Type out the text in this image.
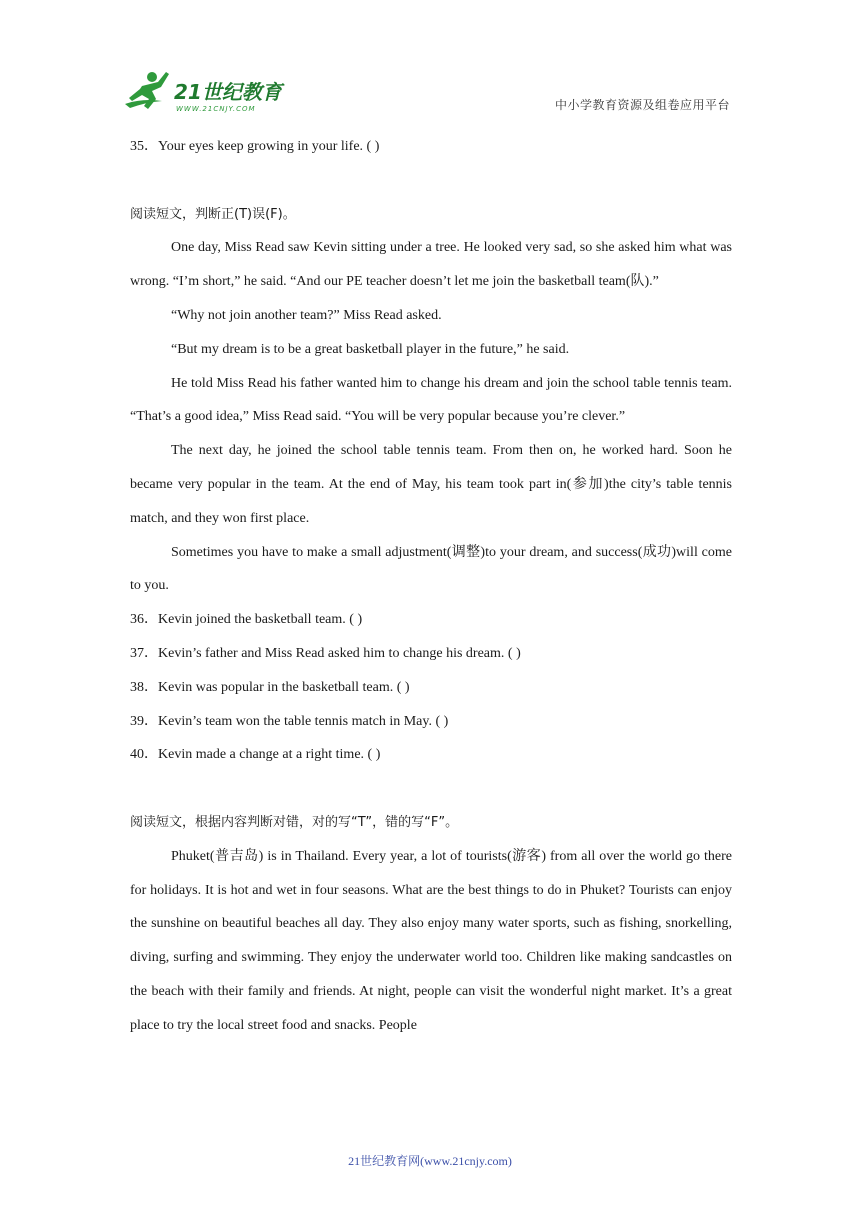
21世纪教育
WWW.21CNJY.COM	中小学教育资源及组卷应用平台
35．Your eyes keep growing in your life. ( )
阅读短文，判断正(T)误(F)。
One day, Miss Read saw Kevin sitting under a tree. He looked very sad, so she asked him what was wrong. “I’m short,” he said. “And our PE teacher doesn’t let me join the basketball team(队).”
“Why not join another team?” Miss Read asked.
“But my dream is to be a great basketball player in the future,” he said.
He told Miss Read his father wanted him to change his dream and join the school table tennis team. “That’s a good idea,” Miss Read said. “You will be very popular because you’re clever.”
The next day, he joined the school table tennis team. From then on, he worked hard. Soon he became very popular in the team. At the end of May, his team took part in(参加)the city’s table tennis match, and they won first place.
Sometimes you have to make a small adjustment(调整)to your dream, and success(成功)will come to you.
36．Kevin joined the basketball team. ( )
37．Kevin’s father and Miss Read asked him to change his dream. ( )
38．Kevin was popular in the basketball team. ( )
39．Kevin’s team won the table tennis match in May. ( )
40．Kevin made a change at a right time. ( )
阅读短文，根据内容判断对错，对的写“T”，错的写“F”。
Phuket(普吉岛) is in Thailand. Every year, a lot of tourists(游客) from all over the world go there for holidays. It is hot and wet in four seasons. What are the best things to do in Phuket? Tourists can enjoy the sunshine on beautiful beaches all day. They also enjoy many water sports, such as fishing, snorkelling, diving, surfing and swimming. They enjoy the underwater world too. Children like making sandcastles on the beach with their family and friends. At night, people can visit the wonderful night market. It’s a great place to try the local street food and snacks. People
21世纪教育网(www.21cnjy.com)
